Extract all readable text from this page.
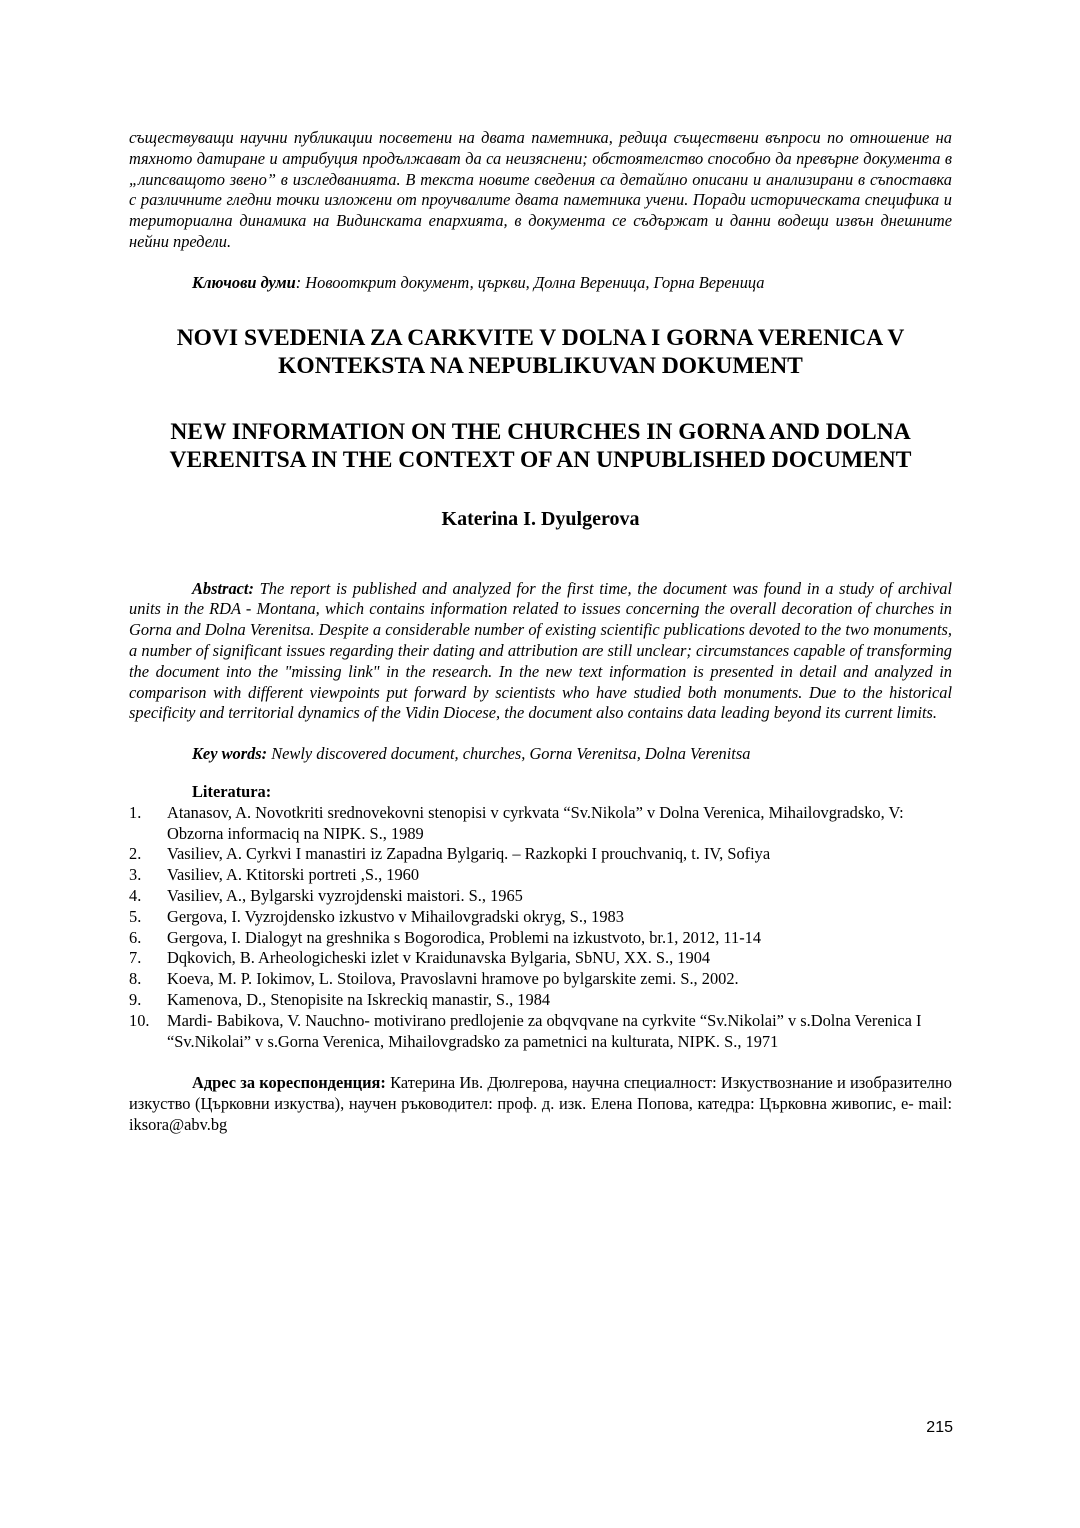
съществуващи научни публикации посветени на двата паметника, редица съществени въпроси по отношение на тяхното датиране и атрибуция продължават да са неизяснени; обстоятелство способно да превърне документа в „липсващото звено” в изследванията. В текста новите сведения са детайлно описани и анализирани в съпоставка с различните гледни точки изложени от проучвалите двата паметника учени. Поради историческата специфика и териториална динамика на Видинската епархията, в документа се съдържат и данни водещи извън днешните нейни предели.

Ключови думи: Новооткрит документ, църкви, Долна Вереница, Горна Вереница

NOVI SVEDENIA ZA CARKVITE V DOLNA I GORNA VERENICA V KONTEKSTA NA NEPUBLIKUVAN DOKUMENT
NEW INFORMATION ON THE CHURCHES IN GORNA AND DOLNA VERENITSA IN THE CONTEXT OF AN UNPUBLISHED DOCUMENT
Katerina I. Dyulgerova

Abstract: The report is published and analyzed for the first time, the document was found in a study of archival units in the RDA - Montana, which contains information related to issues concerning the overall decoration of churches in Gorna and Dolna Verenitsa. Despite a considerable number of existing scientific publications devoted to the two monuments, a number of significant issues regarding their dating and attribution are still unclear; circumstances capable of transforming the document into the "missing link" in the research. In the new text information is presented in detail and analyzed in comparison with different viewpoints put forward by scientists who have studied both monuments. Due to the historical specificity and territorial dynamics of the Vidin Diocese, the document also contains data leading beyond its current limits.

Key words: Newly discovered document, churches, Gorna Verenitsa, Dolna Verenitsa

Literatura:
1.	Atanasov, A. Novotkriti srednovekovni stenopisi v cyrkvata “Sv.Nikola” v Dolna Verenica, Mihailovgradsko, V: Obzorna informaciq na NIPK. S., 1989
2.	Vasiliev, A. Cyrkvi I manastiri iz Zapadna Bylgariq. – Razkopki I prouchvaniq, t. IV, Sofiya
3.	Vasiliev, A. Ktitorski portreti ,S., 1960
4.	Vasiliev, A., Bylgarski vyzrojdenski maistori. S., 1965
5.	Gergova, I. Vyzrojdensko izkustvo v Mihailovgradski okryg, S., 1983
6.	Gergova, I. Dialogyt na greshnika s Bogorodica, Problemi na izkustvoto, br.1, 2012, 11-14
7.	Dqkovich, B. Arheologicheski izlet v Kraidunavska Bylgaria, SbNU, XX. S., 1904
8.	Koeva, M. P. Iokimov, L. Stoilova, Pravoslavni hramove po bylgarskite zemi. S., 2002.
9.	Kamenova, D., Stenopisite na Iskreckiq manastir, S., 1984
10.	Mardi- Babikova, V. Nauchno- motivirano predlojenie za obqvqvane na cyrkvite “Sv.Nikolai” v s.Dolna Verenica I “Sv.Nikolai” v s.Gorna Verenica, Mihailovgradsko za pametnici na kulturata, NIPK. S., 1971

Адрес за кореспонденция: Катерина Ив. Дюлгерова, научна специалност: Изкуствознание и изобразително изкуство (Църковни изкуства), научен ръководител: проф. д. изк. Елена Попова, катедра: Църковна живопис, е- mail: iksora@abv.bg

215
